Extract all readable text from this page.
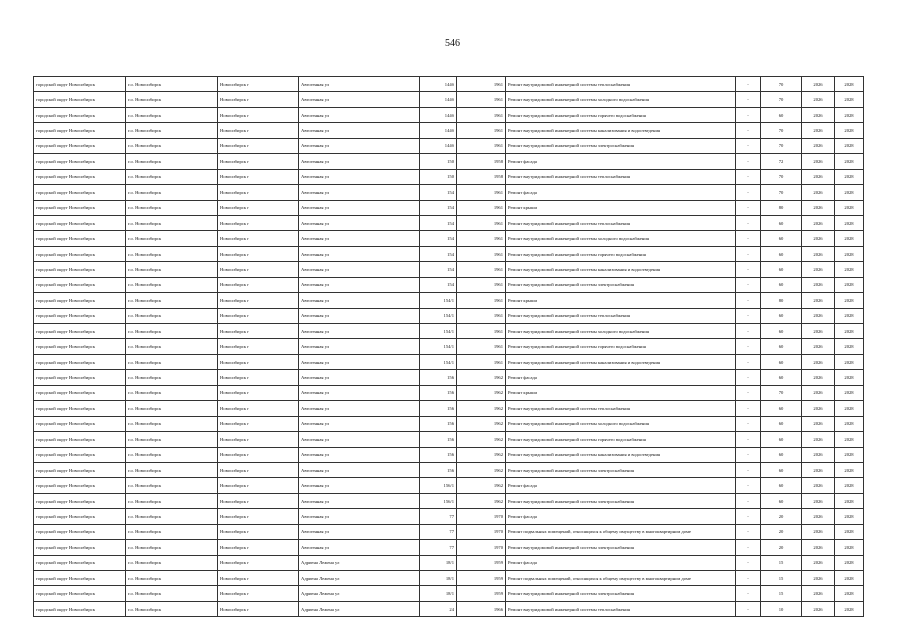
546
городской округ Новосибирск	г.о. Новосибирск	Новосибирск г	Автогенная ул	144б	1961	Ремонт внутридомовой инженерной системы теплоснабжения	-	70	2026	2028
городской округ Новосибирск	г.о. Новосибирск	Новосибирск г	Автогенная ул	144б	1961	Ремонт внутридомовой инженерной системы холодного водоснабжения	-	70	2026	2028
городской округ Новосибирск	г.о. Новосибирск	Новосибирск г	Автогенная ул	144б	1961	Ремонт внутридомовой инженерной системы горячего водоснабжения	-	60	2026	2028
городской округ Новосибирск	г.о. Новосибирск	Новосибирск г	Автогенная ул	144б	1961	Ремонт внутридомовой инженерной системы канализования и водоотведения	-	70	2026	2028
городской округ Новосибирск	г.о. Новосибирск	Новосибирск г	Автогенная ул	144б	1961	Ремонт внутридомовой инженерной системы электроснабжения	-	70	2026	2028
городской округ Новосибирск	г.о. Новосибирск	Новосибирск г	Автогенная ул	150	1958	Ремонт фасада	-	72	2026	2028
городской округ Новосибирск	г.о. Новосибирск	Новосибирск г	Автогенная ул	150	1958	Ремонт внутридомовой инженерной системы теплоснабжения	-	70	2026	2028
городской округ Новосибирск	г.о. Новосибирск	Новосибирск г	Автогенная ул	154	1961	Ремонт фасада	-	70	2026	2028
городской округ Новосибирск	г.о. Новосибирск	Новосибирск г	Автогенная ул	154	1961	Ремонт крыши	-	80	2026	2028
городской округ Новосибирск	г.о. Новосибирск	Новосибирск г	Автогенная ул	154	1961	Ремонт внутридомовой инженерной системы теплоснабжения	-	60	2026	2028
городской округ Новосибирск	г.о. Новосибирск	Новосибирск г	Автогенная ул	154	1961	Ремонт внутридомовой инженерной системы холодного водоснабжения	-	60	2026	2028
городской округ Новосибирск	г.о. Новосибирск	Новосибирск г	Автогенная ул	154	1961	Ремонт внутридомовой инженерной системы горячего водоснабжения	-	60	2026	2028
городской округ Новосибирск	г.о. Новосибирск	Новосибирск г	Автогенная ул	154	1961	Ремонт внутридомовой инженерной системы канализования и водоотведения	-	60	2026	2028
городской округ Новосибирск	г.о. Новосибирск	Новосибирск г	Автогенная ул	154	1961	Ремонт внутридомовой инженерной системы электроснабжения	-	60	2026	2028
городской округ Новосибирск	г.о. Новосибирск	Новосибирск г	Автогенная ул	154/1	1961	Ремонт крыши	-	80	2026	2028
городской округ Новосибирск	г.о. Новосибирск	Новосибирск г	Автогенная ул	154/1	1961	Ремонт внутридомовой инженерной системы теплоснабжения	-	60	2026	2028
городской округ Новосибирск	г.о. Новосибирск	Новосибирск г	Автогенная ул	154/1	1961	Ремонт внутридомовой инженерной системы холодного водоснабжения	-	60	2026	2028
городской округ Новосибирск	г.о. Новосибирск	Новосибирск г	Автогенная ул	154/1	1961	Ремонт внутридомовой инженерной системы горячего водоснабжения	-	60	2026	2028
городской округ Новосибирск	г.о. Новосибирск	Новосибирск г	Автогенная ул	154/1	1961	Ремонт внутридомовой инженерной системы канализования и водоотведения	-	60	2026	2028
городской округ Новосибирск	г.о. Новосибирск	Новосибирск г	Автогенная ул	156	1962	Ремонт фасада	-	60	2026	2028
городской округ Новосибирск	г.о. Новосибирск	Новосибирск г	Автогенная ул	156	1962	Ремонт крыши	-	70	2026	2028
городской округ Новосибирск	г.о. Новосибирск	Новосибирск г	Автогенная ул	156	1962	Ремонт внутридомовой инженерной системы теплоснабжения	-	60	2026	2028
городской округ Новосибирск	г.о. Новосибирск	Новосибирск г	Автогенная ул	156	1962	Ремонт внутридомовой инженерной системы холодного водоснабжения	-	60	2026	2028
городской округ Новосибирск	г.о. Новосибирск	Новосибирск г	Автогенная ул	156	1962	Ремонт внутридомовой инженерной системы горячего водоснабжения	-	60	2026	2028
городской округ Новосибирск	г.о. Новосибирск	Новосибирск г	Автогенная ул	156	1962	Ремонт внутридомовой инженерной системы канализования и водоотведения	-	60	2026	2028
городской округ Новосибирск	г.о. Новосибирск	Новосибирск г	Автогенная ул	156	1962	Ремонт внутридомовой инженерной системы электроснабжения	-	60	2026	2028
городской округ Новосибирск	г.о. Новосибирск	Новосибирск г	Автогенная ул	156/1	1962	Ремонт фасада	-	60	2026	2028
городской округ Новосибирск	г.о. Новосибирск	Новосибирск г	Автогенная ул	156/1	1962	Ремонт внутридомовой инженерной системы электроснабжения	-	60	2026	2028
городской округ Новосибирск	г.о. Новосибирск	Новосибирск г	Автогенная ул	77	1970	Ремонт фасада	-	20	2026	2028
городской округ Новосибирск	г.о. Новосибирск	Новосибирск г	Автогенная ул	77	1970	Ремонт подвальных помещений, относящихся к общему имуществу в многоквартирном доме	-	20	2026	2028
городской округ Новосибирск	г.о. Новосибирск	Новосибирск г	Автогенная ул	77	1970	Ремонт внутридомовой инженерной системы электроснабжения	-	20	2026	2028
городской округ Новосибирск	г.о. Новосибирск	Новосибирск г	Адриена Лежена ул	18/1	1959	Ремонт фасада	-	15	2026	2028
городской округ Новосибирск	г.о. Новосибирск	Новосибирск г	Адриена Лежена ул	18/1	1959	Ремонт подвальных помещений, относящихся к общему имуществу в многоквартирном доме	-	15	2026	2028
городской округ Новосибирск	г.о. Новосибирск	Новосибирск г	Адриена Лежена ул	18/1	1959	Ремонт внутридомовой инженерной системы электроснабжения	-	15	2026	2028
городской округ Новосибирск	г.о. Новосибирск	Новосибирск г	Адриена Лежена ул	24	1966	Ремонт внутридомовой инженерной системы теплоснабжения	-	10	2026	2028
